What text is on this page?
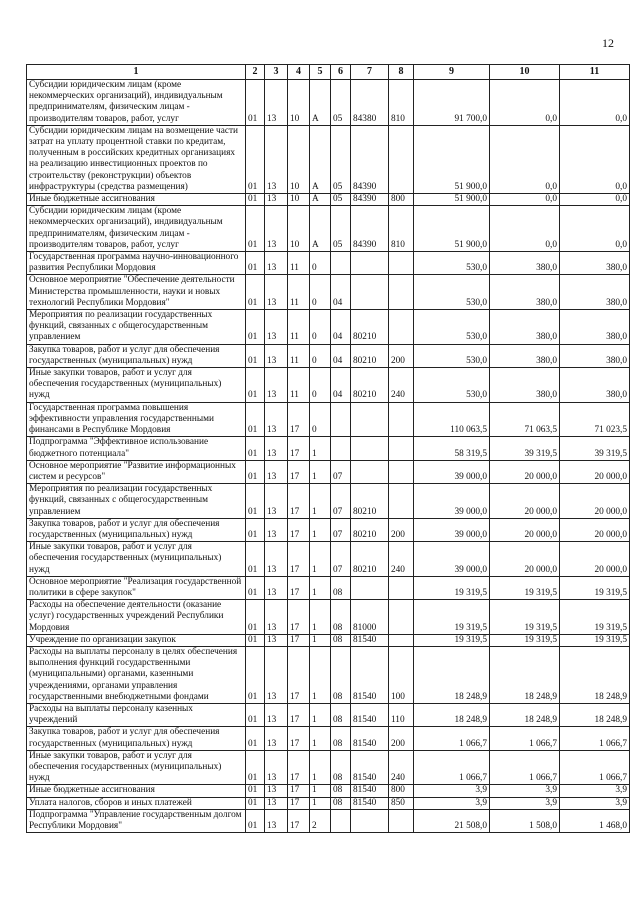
12
1	2	3	4	5	6	7	8	9	10	11
Субсидии юридическим лицам (кроме некоммерческих организаций), индивидуальным предпринимателям, физическим лицам - производителям товаров, работ, услуг	01	13	10	А	05	84380	810	91 700,0	0,0	0,0
Субсидии юридическим лицам на возмещение части затрат на уплату процентной ставки по кредитам, полученным в российских кредитных организациях на реализацию инвестиционных проектов по строительству (реконструкции) объектов инфраструктуры (средства размещения)	01	13	10	А	05	84390		51 900,0	0,0	0,0
Иные бюджетные ассигнования	01	13	10	А	05	84390	800	51 900,0	0,0	0,0
Субсидии юридическим лицам (кроме некоммерческих организаций), индивидуальным предпринимателям, физическим лицам - производителям товаров, работ, услуг	01	13	10	А	05	84390	810	51 900,0	0,0	0,0
Государственная программа научно-инновационного развития Республики Мордовия	01	13	11	0				530,0	380,0	380,0
Основное мероприятие "Обеспечение деятельности Министерства промышленности, науки и новых технологий Республики Мордовия"	01	13	11	0	04			530,0	380,0	380,0
Мероприятия по реализации государственных функций, связанных с общегосударственным управлением	01	13	11	0	04	80210		530,0	380,0	380,0
Закупка товаров, работ и услуг для обеспечения государственных (муниципальных) нужд	01	13	11	0	04	80210	200	530,0	380,0	380,0
Иные закупки товаров, работ и услуг для обеспечения государственных (муниципальных) нужд	01	13	11	0	04	80210	240	530,0	380,0	380,0
Государственная программа повышения эффективности управления государственными финансами в Республике Мордовия	01	13	17	0				110 063,5	71 063,5	71 023,5
Подпрограмма "Эффективное использование бюджетного потенциала"	01	13	17	1				58 319,5	39 319,5	39 319,5
Основное мероприятие "Развитие информационных систем и ресурсов"	01	13	17	1	07			39 000,0	20 000,0	20 000,0
Мероприятия по реализации государственных функций, связанных с общегосударственным управлением	01	13	17	1	07	80210		39 000,0	20 000,0	20 000,0
Закупка товаров, работ и услуг для обеспечения государственных (муниципальных) нужд	01	13	17	1	07	80210	200	39 000,0	20 000,0	20 000,0
Иные закупки товаров, работ и услуг для обеспечения государственных (муниципальных) нужд	01	13	17	1	07	80210	240	39 000,0	20 000,0	20 000,0
Основное мероприятие "Реализация государственной политики в сфере закупок"	01	13	17	1	08			19 319,5	19 319,5	19 319,5
Расходы на обеспечение деятельности (оказание услуг) государственных учреждений Республики Мордовия	01	13	17	1	08	81000		19 319,5	19 319,5	19 319,5
Учреждение по организации закупок	01	13	17	1	08	81540		19 319,5	19 319,5	19 319,5
Расходы на выплаты персоналу в целях обеспечения выполнения функций государственными (муниципальными) органами, казенными учреждениями, органами управления государственными внебюджетными фондами	01	13	17	1	08	81540	100	18 248,9	18 248,9	18 248,9
Расходы на выплаты персоналу казенных учреждений	01	13	17	1	08	81540	110	18 248,9	18 248,9	18 248,9
Закупка товаров, работ и услуг для обеспечения государственных (муниципальных) нужд	01	13	17	1	08	81540	200	1 066,7	1 066,7	1 066,7
Иные закупки товаров, работ и услуг для обеспечения государственных (муниципальных) нужд	01	13	17	1	08	81540	240	1 066,7	1 066,7	1 066,7
Иные бюджетные ассигнования	01	13	17	1	08	81540	800	3,9	3,9	3,9
Уплата налогов, сборов и иных платежей	01	13	17	1	08	81540	850	3,9	3,9	3,9
Подпрограмма "Управление государственным долгом Республики Мордовия"	01	13	17	2				21 508,0	1 508,0	1 468,0
